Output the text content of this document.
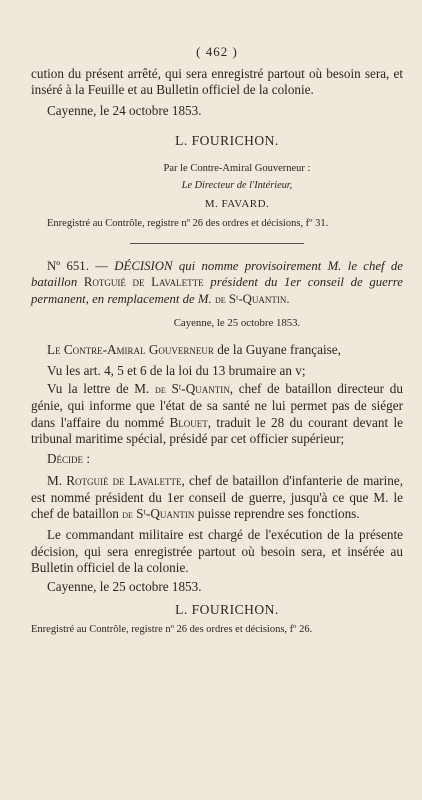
( 462 )

cution du présent arrêté, qui sera enregistré partout où besoin sera, et inséré à la Feuille et au Bulletin officiel de la colonie.

Cayenne, le 24 octobre 1853.

L. FOURICHON.
Par le Contre-Amiral Gouverneur :
Le Directeur de l'Intérieur,
M. FAVARD.

Enregistré au Contrôle, registre nº 26 des ordres et décisions, fº 31.

Nº 651. — DÉCISION qui nomme provisoirement M. le chef de bataillon Rotguié de Lavalette président du 1er conseil de guerre permanent, en remplacement de M. de Sᵗ-Quantin.

Cayenne, le 25 octobre 1853.

Le Contre-Amiral Gouverneur de la Guyane française,

Vu les art. 4, 5 et 6 de la loi du 13 brumaire an v;

Vu la lettre de M. de Sᵗ-Quantin, chef de bataillon directeur du génie, qui informe que l'état de sa santé ne lui permet pas de siéger dans l'affaire du nommé Blouet, traduit le 28 du courant devant le tribunal maritime spécial, présidé par cet officier supérieur;

Décide :

M. Rotguié de Lavalette, chef de bataillon d'infanterie de marine, est nommé président du 1er conseil de guerre, jusqu'à ce que M. le chef de bataillon de Sᵗ-Quantin puisse reprendre ses fonctions.

Le commandant militaire est chargé de l'exécution de la présente décision, qui sera enregistrée partout où besoin sera, et insérée au Bulletin officiel de la colonie.

Cayenne, le 25 octobre 1853.

L. FOURICHON.

Enregistré au Contrôle, registre nº 26 des ordres et décisions, fº 26.
